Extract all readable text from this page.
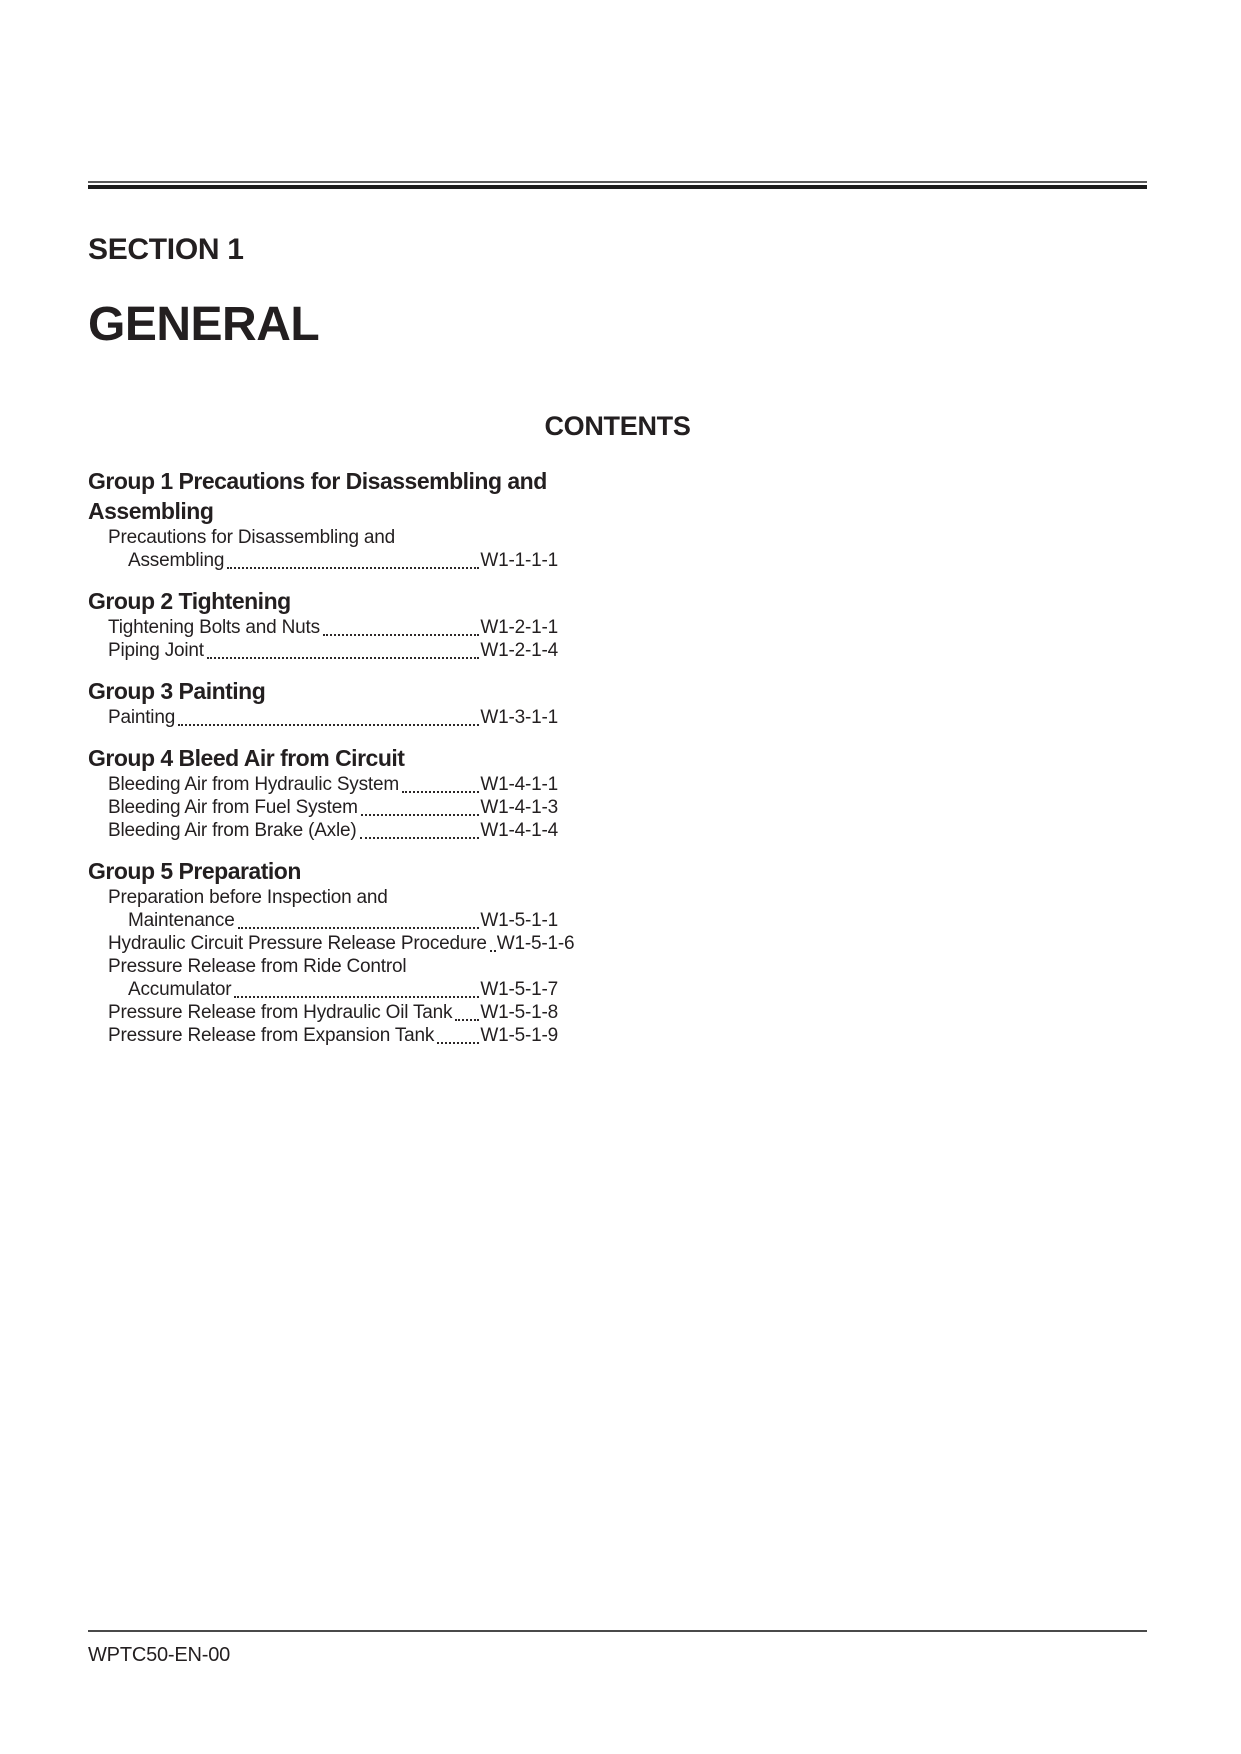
SECTION 1
GENERAL
CONTENTS
Group 1 Precautions for Disassembling and
Assembling
Precautions for Disassembling and
Assembling	W1-1-1-1
Group 2 Tightening
Tightening Bolts and Nuts	W1-2-1-1
Piping Joint	W1-2-1-4
Group 3 Painting
Painting	W1-3-1-1
Group 4 Bleed Air from Circuit
Bleeding Air from Hydraulic System	W1-4-1-1
Bleeding Air from Fuel System	W1-4-1-3
Bleeding Air from Brake (Axle)	W1-4-1-4
Group 5 Preparation
Preparation before Inspection and
Maintenance	W1-5-1-1
Hydraulic Circuit Pressure Release Procedure W1-5-1-6
Pressure Release from Ride Control
Accumulator	W1-5-1-7
Pressure Release from Hydraulic Oil Tank W1-5-1-8
Pressure Release from Expansion Tank W1-5-1-9
WPTC50-EN-00
